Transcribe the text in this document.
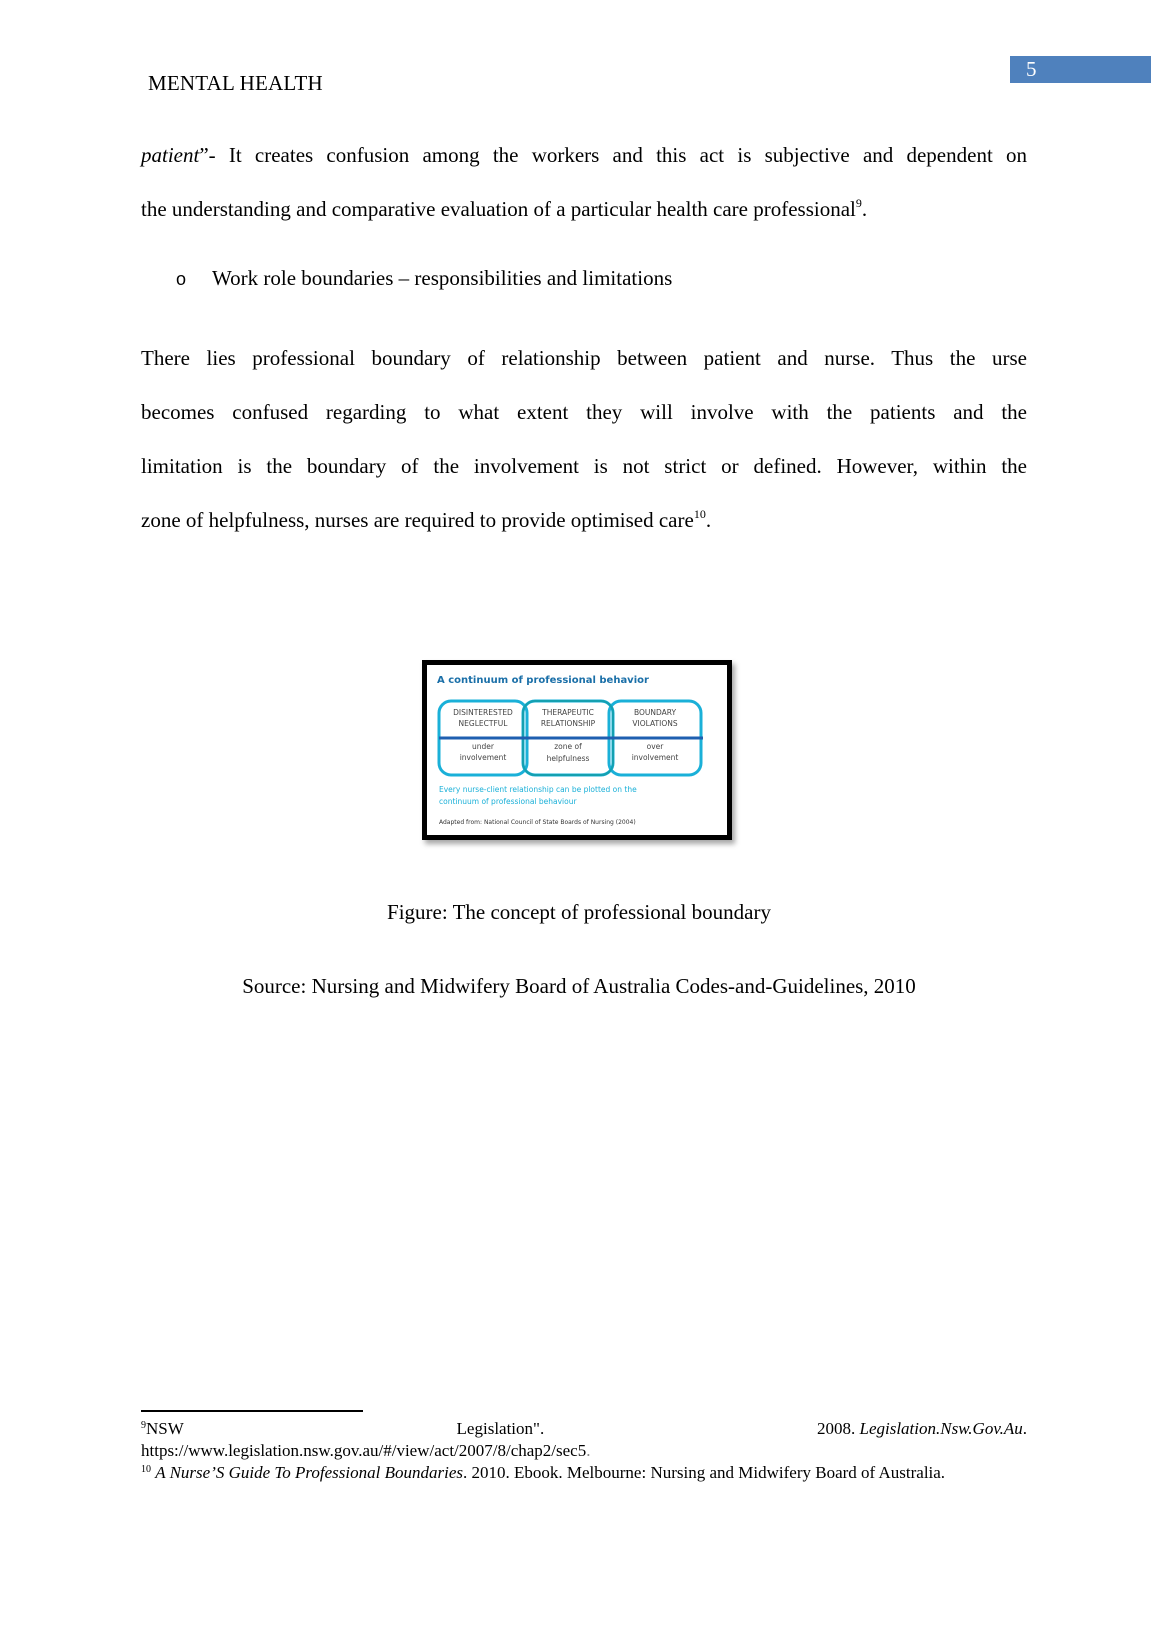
5
MENTAL HEALTH
patient”- It creates confusion among the workers and this act is subjective and dependent on
the understanding and comparative evaluation of a particular health care professional$^9$.
o Work role boundaries – responsibilities and limitations
There lies professional boundary of relationship between patient and nurse. Thus the urse
becomes confused regarding to what extent they will involve with the patients and the
limitation is the boundary of the involvement is not strict or defined. However, within the
zone of helpfulness, nurses are required to provide optimised care$^{10}$.
A continuum of professional behavior
DISINTERESTED
NEGLECTFUL
under
involvement
THERAPEUTIC
RELATIONSHIP
zone of
helpfulness
BOUNDARY
VIOLATIONS
over
involvement
Every nurse-client relationship can be plotted on the
continuum of professional behaviour
Adapted from: National Council of State Boards of Nursing (2004)
Figure: The concept of professional boundary
Source: Nursing and Midwifery Board of Australia Codes-and-Guidelines, 2010
$^9$NSW	Legislation".	2008. Legislation.Nsw.Gov.Au.
https://www.legislation.nsw.gov.au/#/view/act/2007/8/chap2/sec5.
$^{10}$ A Nurse’S Guide To Professional Boundaries. 2010. Ebook. Melbourne: Nursing and Midwifery Board of Australia.
